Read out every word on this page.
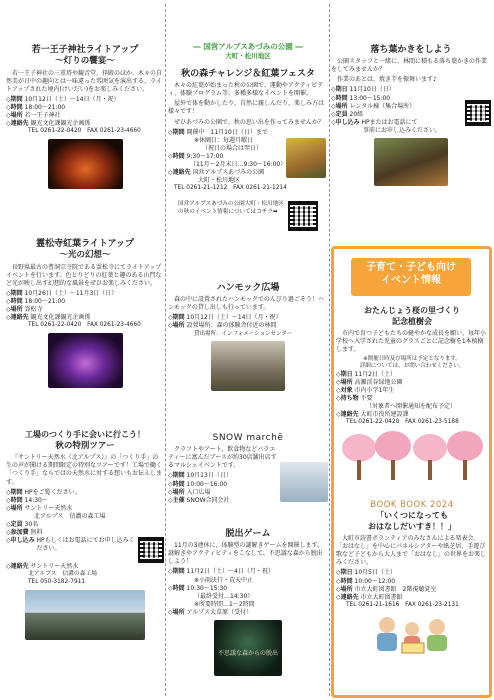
若一王子神社ライトアップ
～灯りの饗宴～

若一王子神社の三重塔や観音堂、拝殿のほか、木々の自然美が日中の趣向とは一味違った雰囲気を演出する、ライトアップされた境内(けいだい)をお楽しみください。

◇期間
10月12日（土）～14日（月・祝）
◇時間
18:00～21:00
◇場所
若一王子神社
◇連絡先
観光文化課観光企画係
TEL 0261-22-0420　FAX 0261-23-4660
霊松寺紅葉ライトアップ
～光の幻想～

長野県最古の曹洞宗寺院である霊松寺にてライトアップイベントを行います。色とりどりの紅葉と趣のある山門など光が映し出す幻想的な風景をぜひお楽しみください。

◇期間
10月26日（土）～11月3日（日）
◇時間
18:00～21:00
◇場所
霊松寺
◇連絡先
観光文化課観光企画係
TEL 0261-22-0420　FAX 0261-23-4660
工場のつくり手に会いに行こう！
秋の特別ツアー

『サントリー天然水（北アルプス）』の「つくり手」の生の声が聞ける期間限定の特別なツアーです！工場で働く「つくり手」ならではの天然水に対する想いもお伝えします。

◇期間
HPをご覧ください。
◇時間
14:30～
◇場所
サントリー天然水
北アルプス　信濃の森工場
◇定員
30名
◇参加費
無料
◇申し込み
HPもしくはお電話にてお申し込みください。
◇連絡先
サントリー天然水
北アルプス　信濃の森工場
TEL 050-3182-7911
― 国営アルプスあづみの公園 ―
大町・松川地区
秋の森チャレンジ＆紅葉フェスタ

木々の紅葉が始まった秋の公園で、運動やアクティビティ、体験プログラム等、多種多様なイベントを開催。

屋外で体を動かしたり、自然に親しんだり、楽しみ方は様々です！

ぜひあづみの公園で、秋の思い出を作ってみませんか？

◇期間
開催中　11月10日（日）まで
※休園日：毎週月曜日
（祝日の場合は翌日）
◇時間
9:30～17:00
（11月～2月末日…9:30～16:00）
◇連絡先
国営アルプスあづみの公園
大町・松川地区
TEL 0261-21-1212　FAX 0261-21-1214
国営アルプスあづみの公園大町・松川地区の秋のイベント情報についてはコチラ➡
ハンモック広場

森の中に設置されたハンモックでのんびり過ごそう！ハンモックの貸し出しも行っています。

◇期間
10月12日（土）～14日（月・祝）
◇場所
設置場所：森の体験舎付近の林間
貸出場所：インフォメーションセンター
SNOW marchē

クラフトやアート、飲食物などバラエティーに富んだブースが約30店舗出店するマルシェイベントです。

◇期間
10月13日（日）
◇時間
10:00～16:00
◇場所
入口広場
◇主催
SNOW合同会社
脱出ゲーム

11月の3連休に、体験型の謎解きゲームを開催します。謎解きやアクティビティをこなして、不思議な森から脱出しよう！

◇期間
11月2日（土）～4日（月・祝）
※小雨決行・荒天中止
◇時間
10:30～15:30
（最終受付…14:30）
※所要時間…1～2時間
◇場所
アルプス大草原（受付）
不思議な森からの脱出
落ち葉かきをしよう

公園スタッフと一緒に、林間に積もる落ち葉かきの作業をしてみませんか？

作業のあとは、焼き芋を振舞います♪

◇期日
11月10日（日）
◇時間
13:00～15:00
◇場所
レンタル棟（集合場所）
◇定員
20組
◇申し込み
HPまたはお電話にて
事前にお申し込みください。
子育て・子ども向け
イベント情報
おたんじょう桜の里づくり
記念植樹会

市内で育つ子どもたちの健やかな成長を願い、毎年小学校へ入学された児童のグラスごとに記念樹を1本植樹します。

※開催日時及び場所は予定となります。
詳細については、お問い合わせください。
◇期日
11月2日（土）
◇場所
高瀬渓谷緑地公園
◇対象
市内小学1年生
◇持ち物
不要
（対象者へ開催通知を配布予定）
◇連絡先
大町市役所建設課
TEL 0261-22-0420　FAX 0261-23-5188
BOOK BOOK 2024
「いくつになっても
おはなしだいすき！！」

大町市読書ボランティアのみなさんによる楽表会。「おはなし」を中心にパネルシアターや紙芝居、手遊び歌など子どもから大人まで「おはなし」の世界をお楽しみください。

◇期日
10月5日（土）
◇時間
10:00～12:00
◇場所
市立大町図書館　2階視聴覚室
◇連絡先
市立大町図書館
TEL 0261-21-1616　FAX 0261-23-2131
